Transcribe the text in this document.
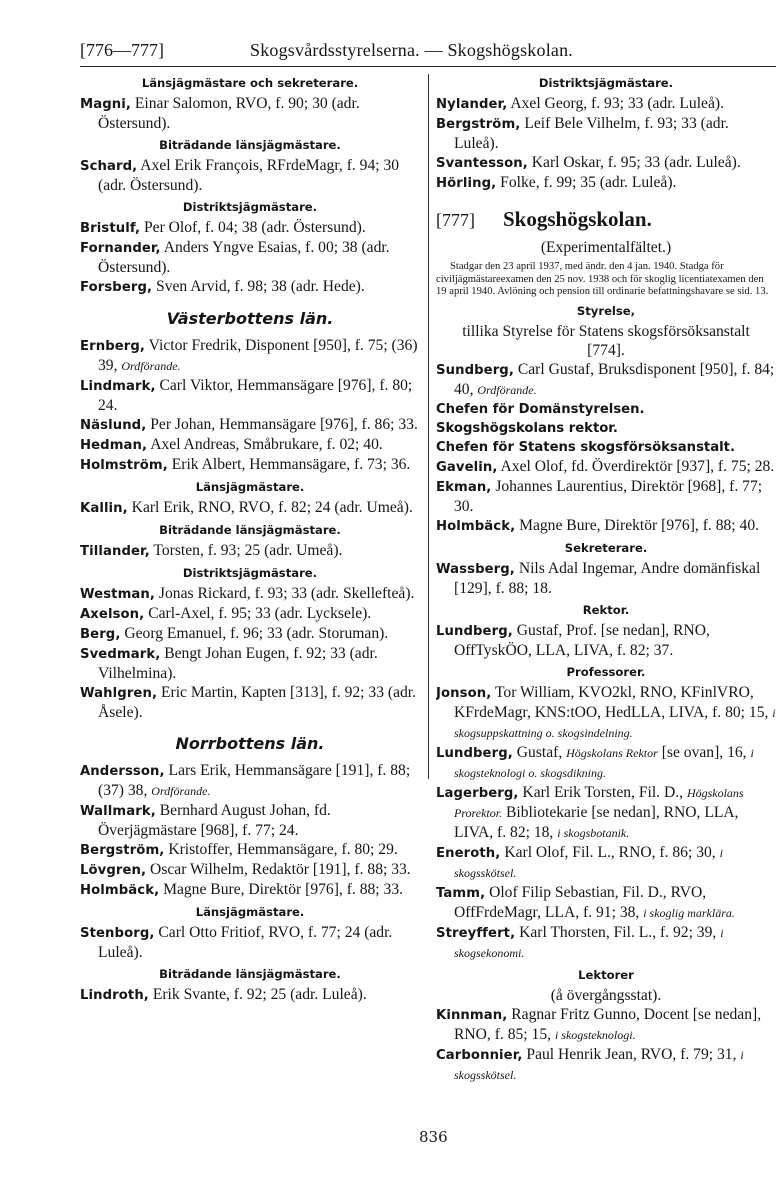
[776—777]	Skogsvårdsstyrelserna. — Skogshögskolan.
Länsjägmästare och sekreterare.

Magni, Einar Salomon, RVO, f. 90; 30 (adr. Östersund).

Biträdande länsjägmästare.

Schard, Axel Erik François, RFrdeMagr, f. 94; 30 (adr. Östersund).

Distriktsjägmästare.

Bristulf, Per Olof, f. 04; 38 (adr. Östersund).

Fornander, Anders Yngve Esaias, f. 00; 38 (adr. Östersund).

Forsberg, Sven Arvid, f. 98; 38 (adr. Hede).

Västerbottens län.

Ernberg, Victor Fredrik, Disponent [950], f. 75; (36) 39, Ordförande.

Lindmark, Carl Viktor, Hemmansägare [976], f. 80; 24.

Näslund, Per Johan, Hemmansägare [976], f. 86; 33.

Hedman, Axel Andreas, Småbrukare, f. 02; 40.

Holmström, Erik Albert, Hemmansägare, f. 73; 36.

Länsjägmästare.

Kallin, Karl Erik, RNO, RVO, f. 82; 24 (adr. Umeå).

Biträdande länsjägmästare.

Tillander, Torsten, f. 93; 25 (adr. Umeå).

Distriktsjägmästare.

Westman, Jonas Rickard, f. 93; 33 (adr. Skellefteå).

Axelson, Carl-Axel, f. 95; 33 (adr. Lycksele).

Berg, Georg Emanuel, f. 96; 33 (adr. Storuman).

Svedmark, Bengt Johan Eugen, f. 92; 33 (adr. Vilhelmina).

Wahlgren, Eric Martin, Kapten [313], f. 92; 33 (adr. Åsele).

Norrbottens län.

Andersson, Lars Erik, Hemmansägare [191], f. 88; (37) 38, Ordförande.

Wallmark, Bernhard August Johan, fd. Överjägmästare [968], f. 77; 24.

Bergström, Kristoffer, Hemmansägare, f. 80; 29.

Lövgren, Oscar Wilhelm, Redaktör [191], f. 88; 33.

Holmbäck, Magne Bure, Direktör [976], f. 88; 33.

Länsjägmästare.

Stenborg, Carl Otto Fritiof, RVO, f. 77; 24 (adr. Luleå).

Biträdande länsjägmästare.

Lindroth, Erik Svante, f. 92; 25 (adr. Luleå).

Distriktsjägmästare.

Nylander, Axel Georg, f. 93; 33 (adr. Luleå).

Bergström, Leif Bele Vilhelm, f. 93; 33 (adr. Luleå).

Svantesson, Karl Oskar, f. 95; 33 (adr. Luleå).

Hörling, Folke, f. 99; 35 (adr. Luleå).

[777] Skogshögskolan.

(Experimentalfältet.)

Stadgar den 23 april 1937, med ändr. den 4 jan. 1940. Stadga för civiljägmästareexamen den 25 nov. 1938 och för skoglig licentiatexamen den 19 april 1940. Avlöning och pension till ordinarie befattningshavare se sid. 13.

Styrelse,

tillika Styrelse för Statens skogsförsöksanstalt [774].

Sundberg, Carl Gustaf, Bruksdisponent [950], f. 84; 40, Ordförande.

Chefen för Domänstyrelsen.

Skogshögskolans rektor.

Chefen för Statens skogsförsöksanstalt.

Gavelin, Axel Olof, fd. Överdirektör [937], f. 75; 28.

Ekman, Johannes Laurentius, Direktör [968], f. 77; 30.

Holmbäck, Magne Bure, Direktör [976], f. 88; 40.

Sekreterare.

Wassberg, Nils Adal Ingemar, Andre domänfiskal [129], f. 88; 18.

Rektor.

Lundberg, Gustaf, Prof. [se nedan], RNO, OffTyskÖO, LLA, LIVA, f. 82; 37.

Professorer.

Jonson, Tor William, KVO2kl, RNO, KFinlVRO, KFrdeMagr, KNS:tOO, HedLLA, LIVA, f. 80; 15, i skogsuppskattning o. skogsindelning.

Lundberg, Gustaf, Högskolans Rektor [se ovan], 16, i skogsteknologi o. skogsdikning.

Lagerberg, Karl Erik Torsten, Fil. D., Högskolans Prorektor. Bibliotekarie [se nedan], RNO, LLA, LIVA, f. 82; 18, i skogsbotanik.

Eneroth, Karl Olof, Fil. L., RNO, f. 86; 30, i skogsskötsel.

Tamm, Olof Filip Sebastian, Fil. D., RVO, OffFrdeMagr, LLA, f. 91; 38, i skoglig marklära.

Streyffert, Karl Thorsten, Fil. L., f. 92; 39, i skogsekonomi.

Lektorer

(å övergångsstat).

Kinnman, Ragnar Fritz Gunno, Docent [se nedan], RNO, f. 85; 15, i skogsteknologi.

Carbonnier, Paul Henrik Jean, RVO, f. 79; 31, i skogsskötsel.

836
